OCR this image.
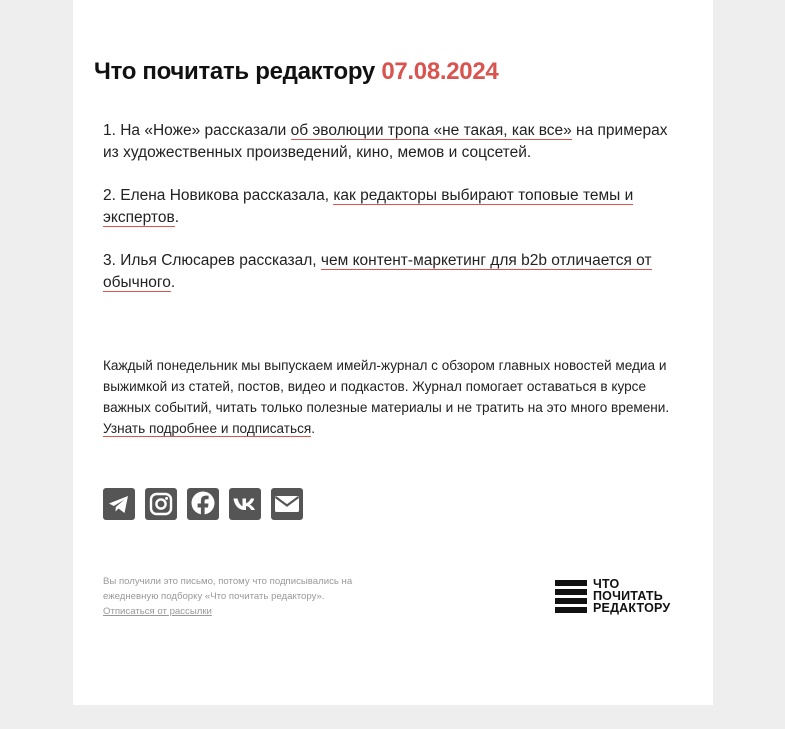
Что почитать редактору 07.08.2024
1. На «Ноже» рассказали об эволюции тропа «не такая, как все» на примерах из художественных произведений, кино, мемов и соцсетей.
2. Елена Новикова рассказала, как редакторы выбирают топовые темы и экспертов.
3. Илья Слюсарев рассказал, чем контент-маркетинг для b2b отличается от обычного.
Каждый понедельник мы выпускаем имейл-журнал с обзором главных новостей медиа и выжимкой из статей, постов, видео и подкастов. Журнал помогает оставаться в курсе важных событий, читать только полезные материалы и не тратить на это много времени. Узнать подробнее и подписаться.
Вы получили это письмо, потому что подписывались на ежедневную подборку «Что почитать редактору».
Отписаться от рассылки
ЧТО
ПОЧИТАТЬ
РЕДАКТОРУ
